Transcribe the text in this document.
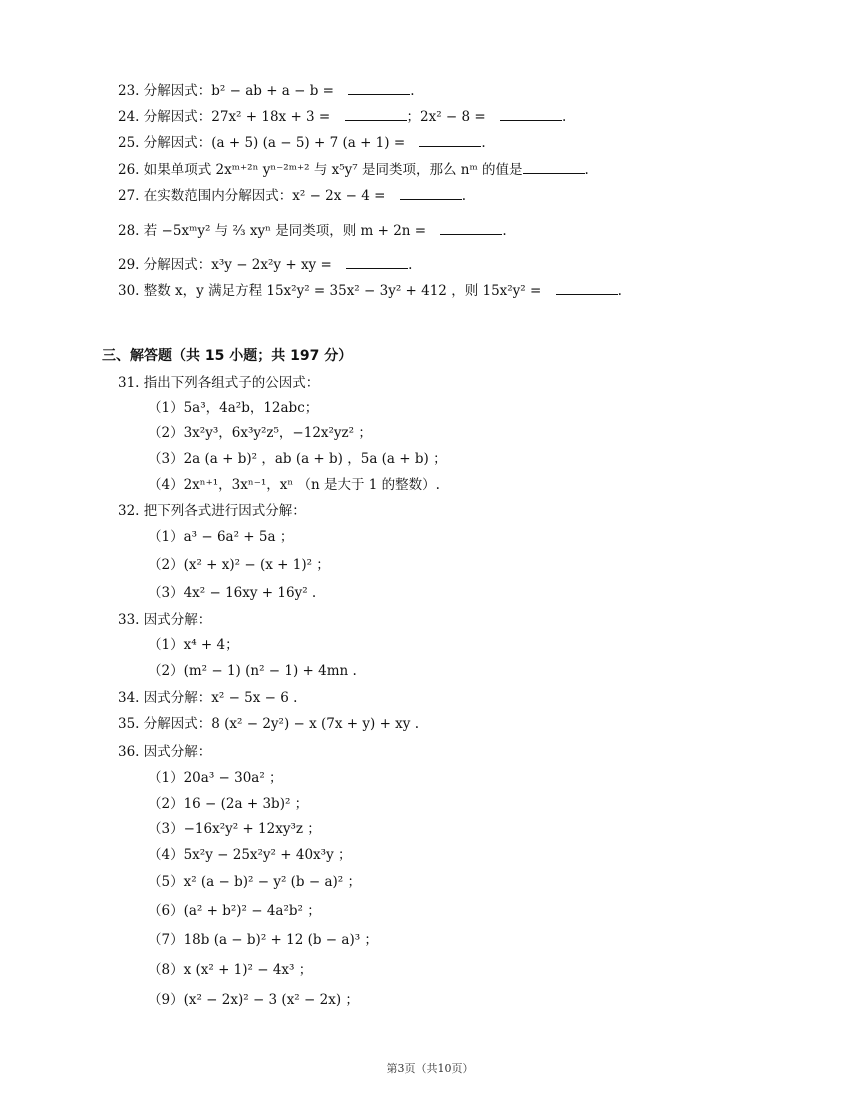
23. 分解因式：b² − ab + a − b =	.
24. 分解因式：27x² + 18x + 3 =	；2x² − 8 =	.
25. 分解因式：(a + 5) (a − 5) + 7 (a + 1) =	.
26. 如果单项式 2xᵐ⁺²ⁿ yⁿ⁻²ᵐ⁺² 与 x⁵y⁷ 是同类项，那么 nᵐ 的值是	.
27. 在实数范围内分解因式：x² − 2x − 4 =	.
28. 若 −5xᵐy² 与 ²⁄₃ xyⁿ 是同类项，则 m + 2n =	.
29. 分解因式：x³y − 2x²y + xy =	.
30. 整数 x，y 满足方程 15x²y² = 35x² − 3y² + 412 ，则 15x²y² =	.
三、解答题（共 15 小题；共 197 分）
31. 指出下列各组式子的公因式：
（1）5a³，4a²b，12abc；
（2）3x²y³，6x³y²z⁵，−12x²yz² ；
（3）2a (a + b)² ，ab (a + b) ，5a (a + b) ；
（4）2xⁿ⁺¹，3xⁿ⁻¹，xⁿ （n 是大于 1 的整数）.
32. 把下列各式进行因式分解：
（1）a³ − 6a² + 5a ；
（2）(x² + x)² − (x + 1)² ；
（3）4x² − 16xy + 16y² .
33. 因式分解：
（1）x⁴ + 4；
（2）(m² − 1) (n² − 1) + 4mn .
34. 因式分解：x² − 5x − 6 .
35. 分解因式：8 (x² − 2y²) − x (7x + y) + xy .
36. 因式分解：
（1）20a³ − 30a² ；
（2）16 − (2a + 3b)² ；
（3）−16x²y² + 12xy³z ；
（4）5x²y − 25x²y² + 40x³y ；
（5）x² (a − b)² − y² (b − a)² ；
（6）(a² + b²)² − 4a²b² ；
（7）18b (a − b)² + 12 (b − a)³ ；
（8）x (x² + 1)² − 4x³ ；
（9）(x² − 2x)² − 3 (x² − 2x) ；
第3页（共10页）
